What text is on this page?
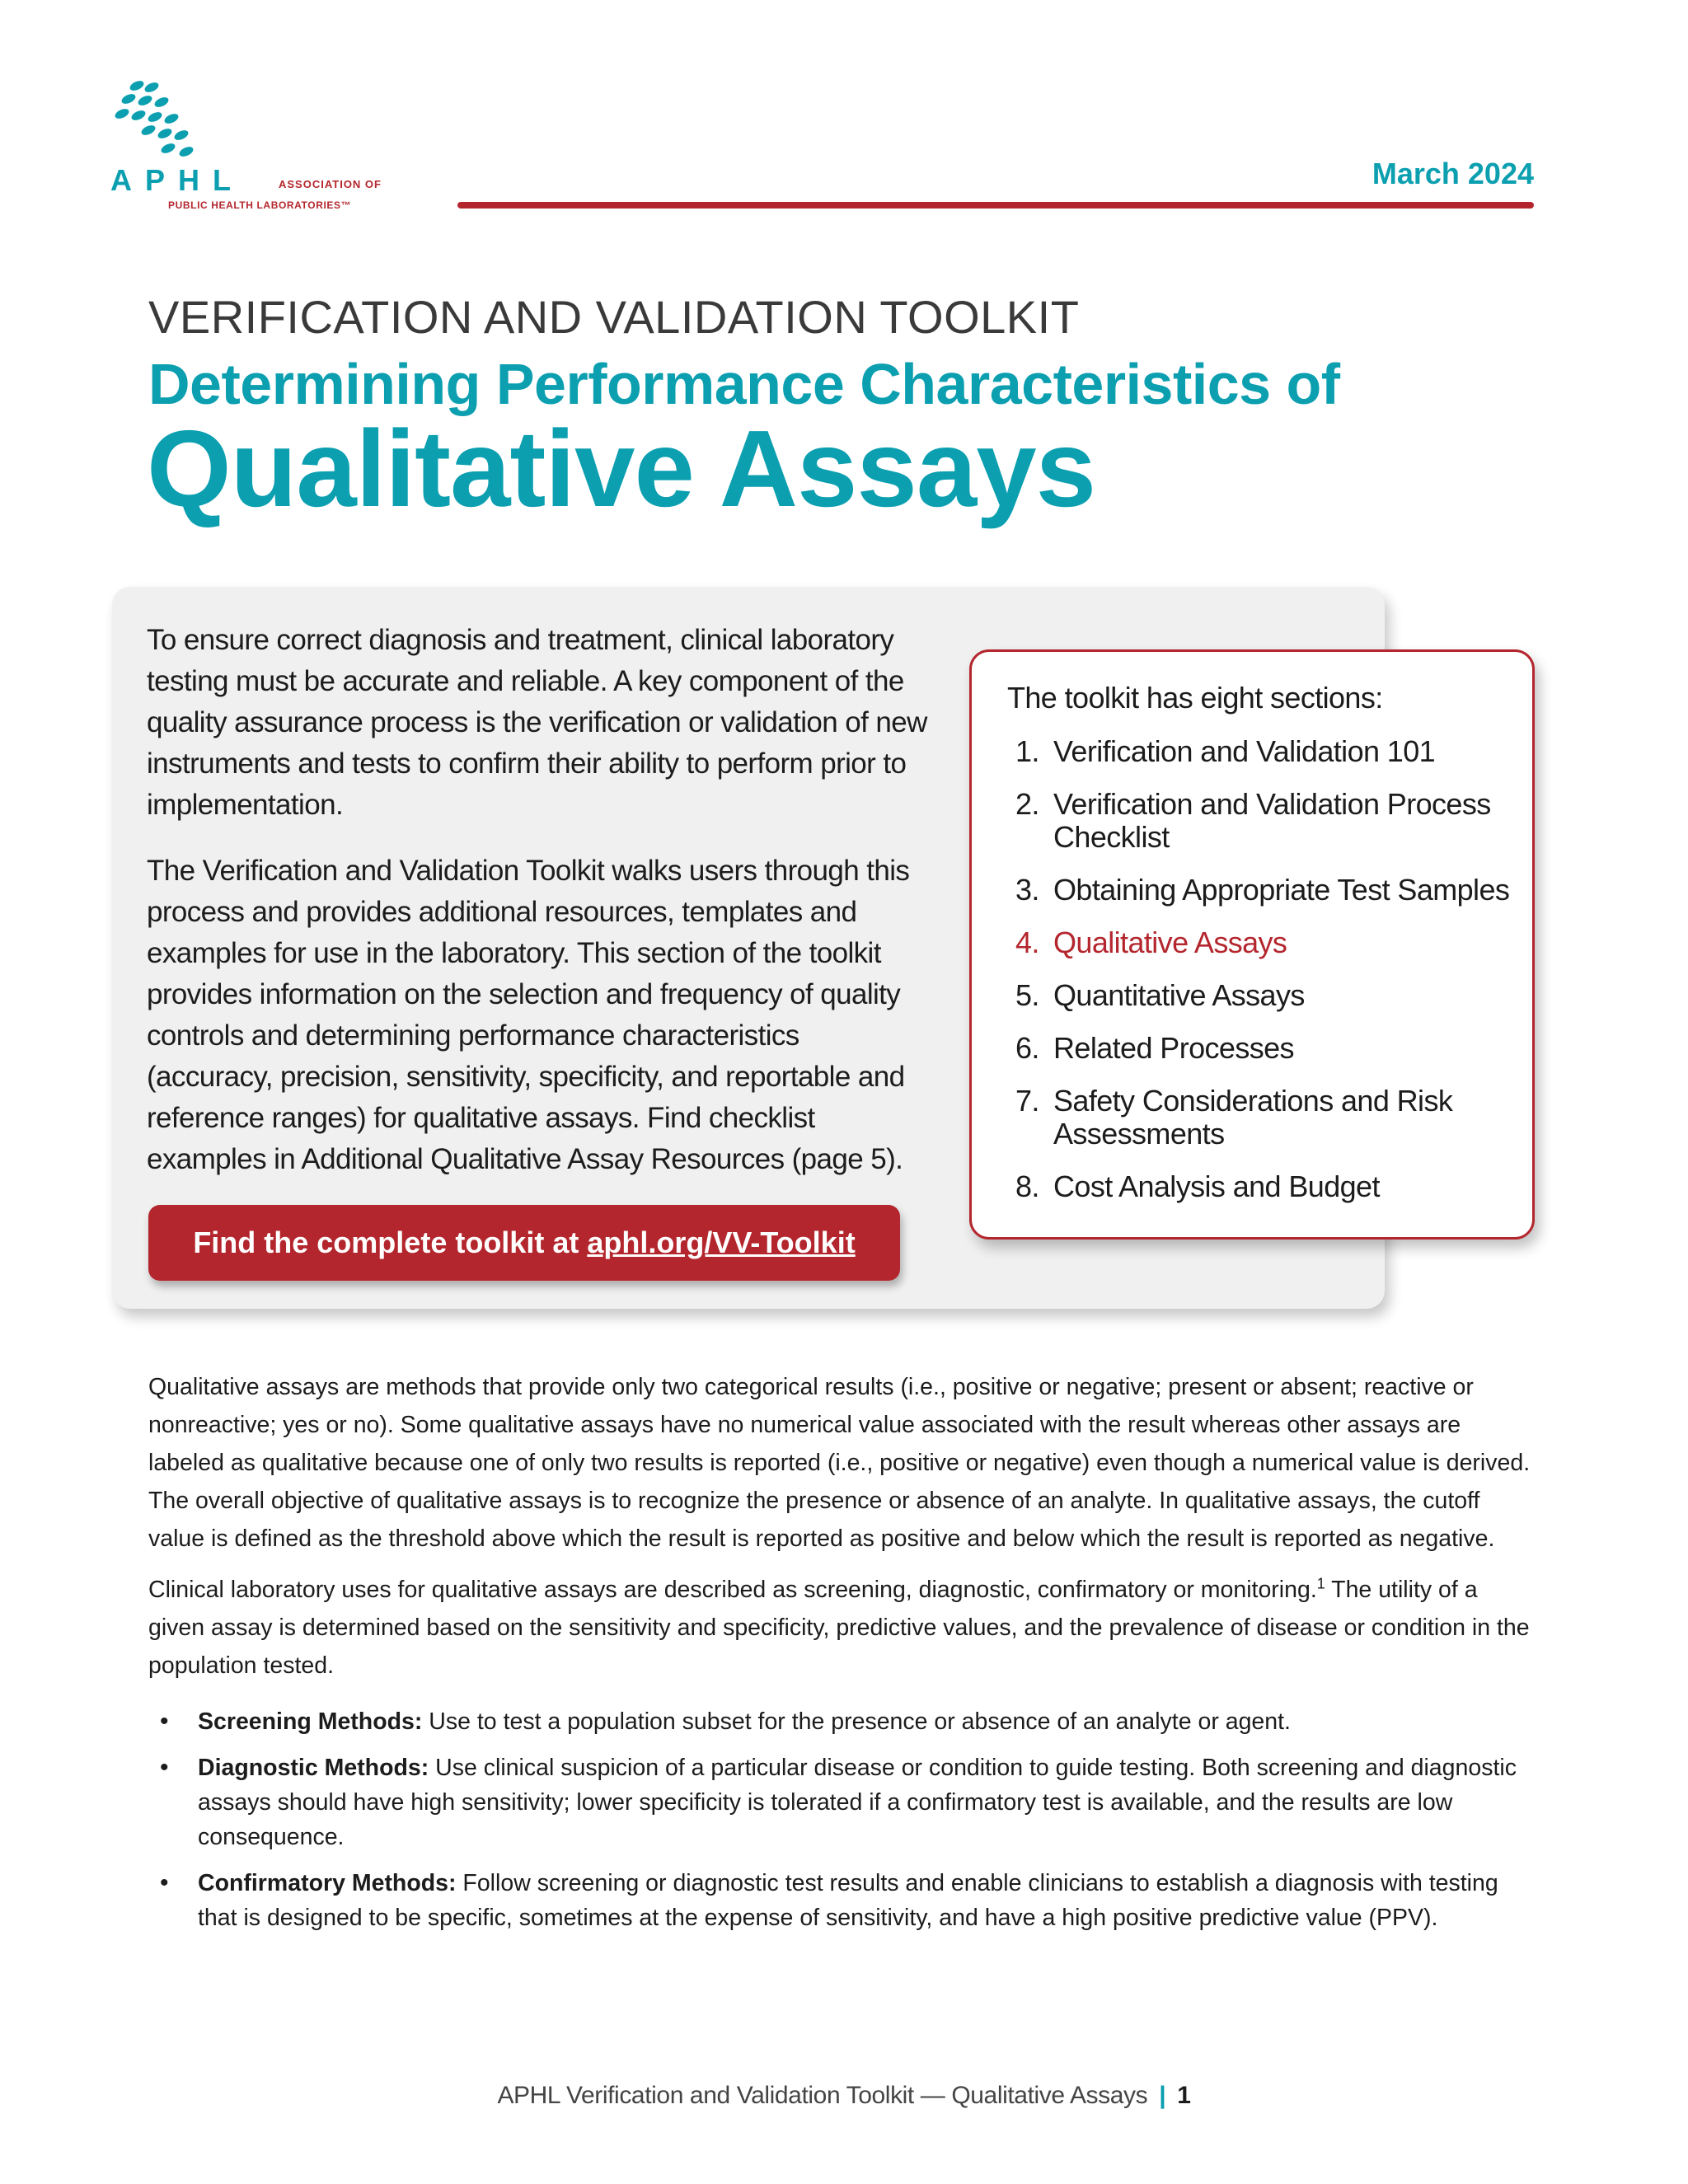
APHL	ASSOCIATION OF
PUBLIC HEALTH LABORATORIES™
March 2024
VERIFICATION AND VALIDATION TOOLKIT
Determining Performance Characteristics of
Qualitative Assays

To ensure correct diagnosis and treatment, clinical laboratory testing must be accurate and reliable. A key component of the quality assurance process is the verification or validation of new instruments and tests to confirm their ability to perform prior to implementation.

The Verification and Validation Toolkit walks users through this process and provides additional resources, templates and examples for use in the laboratory. This section of the toolkit provides information on the selection and frequency of quality controls and determining performance characteristics (accuracy, precision, sensitivity, specificity, and reportable and reference ranges) for qualitative assays. Find checklist examples in Additional Qualitative Assay Resources (page 5).

Find the complete toolkit at aphl.org/VV-Toolkit
The toolkit has eight sections:
1. Verification and Validation 101
2. Verification and Validation Process Checklist
3. Obtaining Appropriate Test Samples
4. Qualitative Assays
5. Quantitative Assays
6. Related Processes
7. Safety Considerations and Risk Assessments
8. Cost Analysis and Budget

Qualitative assays are methods that provide only two categorical results (i.e., positive or negative; present or absent; reactive or nonreactive; yes or no). Some qualitative assays have no numerical value associated with the result whereas other assays are labeled as qualitative because one of only two results is reported (i.e., positive or negative) even though a numerical value is derived. The overall objective of qualitative assays is to recognize the presence or absence of an analyte. In qualitative assays, the cutoff value is defined as the threshold above which the result is reported as positive and below which the result is reported as negative.

Clinical laboratory uses for qualitative assays are described as screening, diagnostic, confirmatory or monitoring.$^1$ The utility of a given assay is determined based on the sensitivity and specificity, predictive values, and the prevalence of disease or condition in the population tested.

• Screening Methods: Use to test a population subset for the presence or absence of an analyte or agent.
• Diagnostic Methods: Use clinical suspicion of a particular disease or condition to guide testing. Both screening and diagnostic assays should have high sensitivity; lower specificity is tolerated if a confirmatory test is available, and the results are low consequence.
• Confirmatory Methods: Follow screening or diagnostic test results and enable clinicians to establish a diagnosis with testing that is designed to be specific, sometimes at the expense of sensitivity, and have a high positive predictive value (PPV).
APHL Verification and Validation Toolkit — Qualitative Assays | 1
